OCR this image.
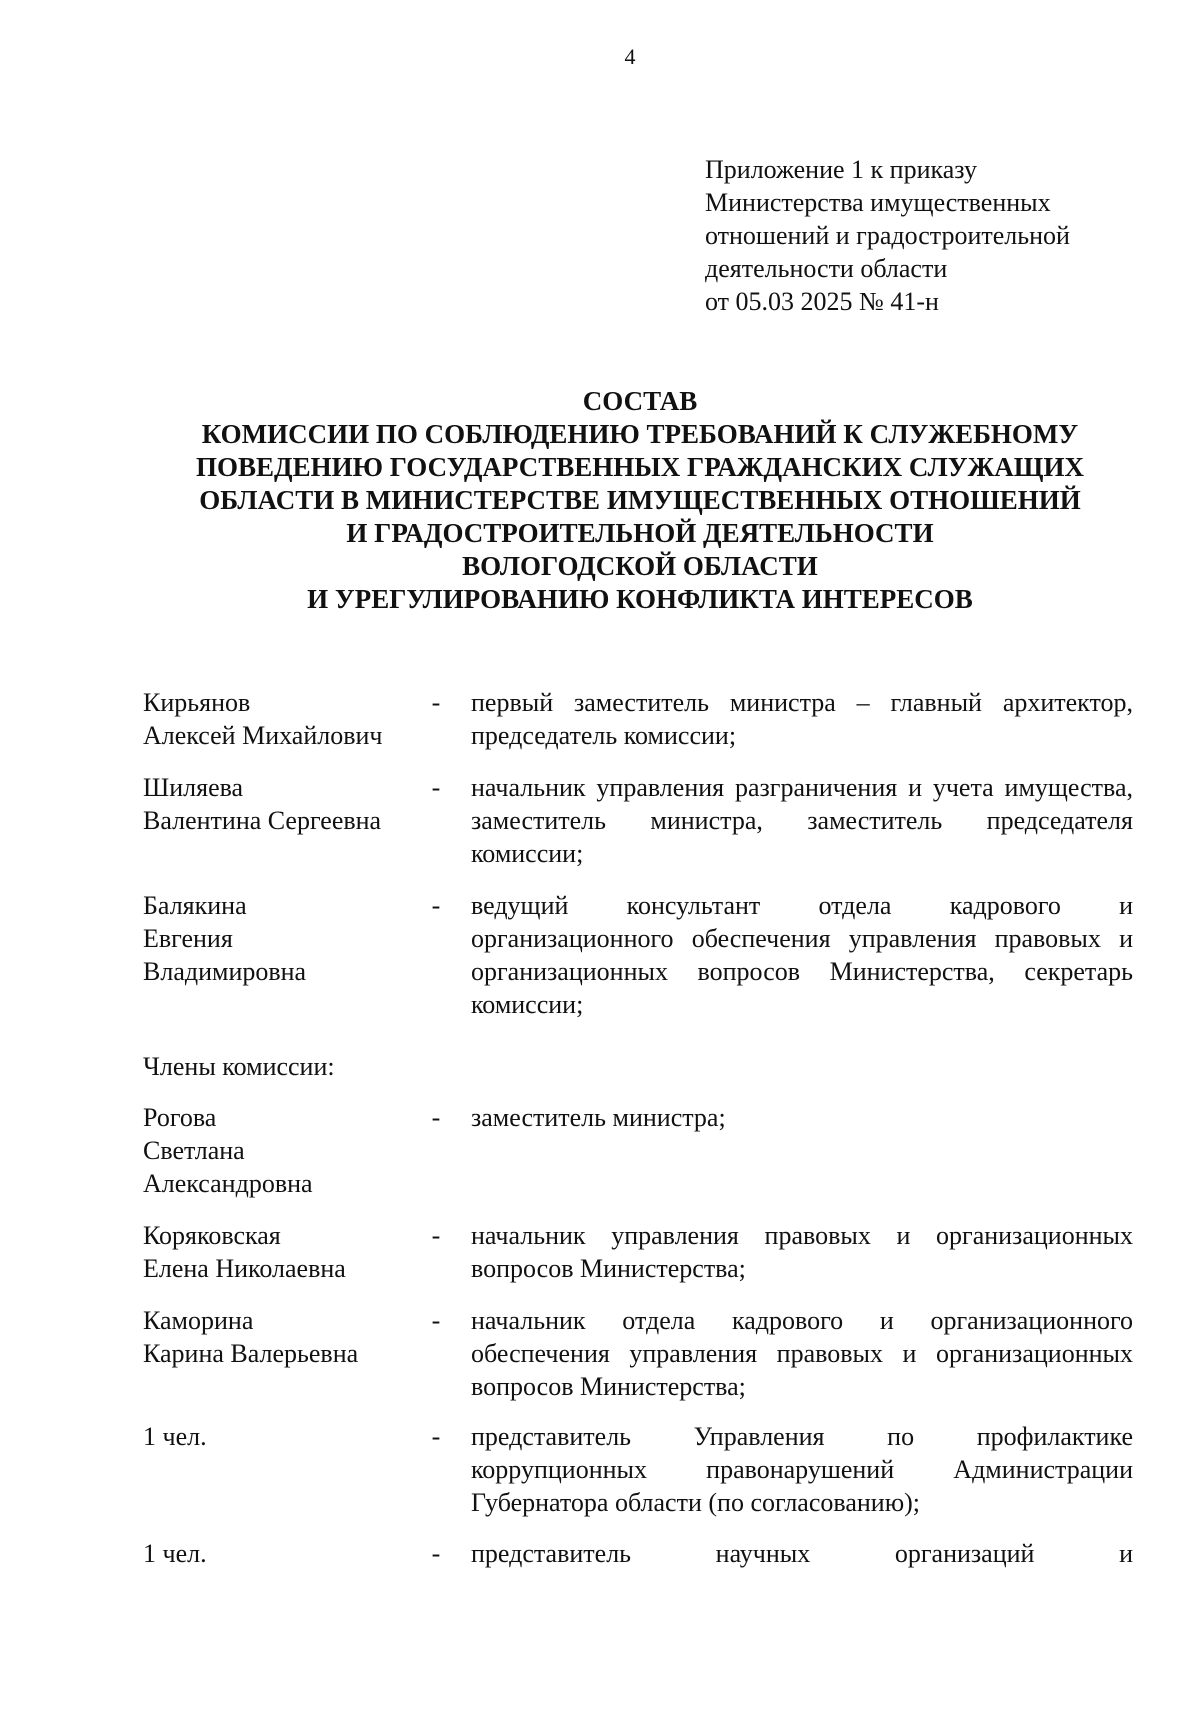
4
Приложение 1 к приказу
Министерства имущественных
отношений и градостроительной
деятельности области
от 05.03 2025 № 41-н
СОСТАВ
КОМИССИИ ПО СОБЛЮДЕНИЮ ТРЕБОВАНИЙ К СЛУЖЕБНОМУ
ПОВЕДЕНИЮ ГОСУДАРСТВЕННЫХ ГРАЖДАНСКИХ СЛУЖАЩИХ
ОБЛАСТИ В МИНИСТЕРСТВЕ ИМУЩЕСТВЕННЫХ ОТНОШЕНИЙ
И ГРАДОСТРОИТЕЛЬНОЙ ДЕЯТЕЛЬНОСТИ
ВОЛОГОДСКОЙ ОБЛАСТИ
И УРЕГУЛИРОВАНИЮ КОНФЛИКТА ИНТЕРЕСОВ
Кирьянов
Алексей Михайлович
- первый заместитель министра – главный архитектор, председатель комиссии;
Шиляева
Валентина Сергеевна
- начальник управления разграничения и учета имущества, заместитель министра, заместитель председателя комиссии;
Балякина
Евгения
Владимировна
- ведущий консультант отдела кадрового и организационного обеспечения управления правовых и организационных вопросов Министерства, секретарь комиссии;
Члены комиссии:
Рогова
Светлана
Александровна
- заместитель министра;
Коряковская
Елена Николаевна
- начальник управления правовых и организационных вопросов Министерства;
Каморина
Карина Валерьевна
- начальник отдела кадрового и организационного обеспечения управления правовых и организационных вопросов Министерства;
1 чел.	- представитель Управления по профилактике коррупционных правонарушений Администрации Губернатора области (по согласованию);
1 чел.	- представитель научных организаций и
